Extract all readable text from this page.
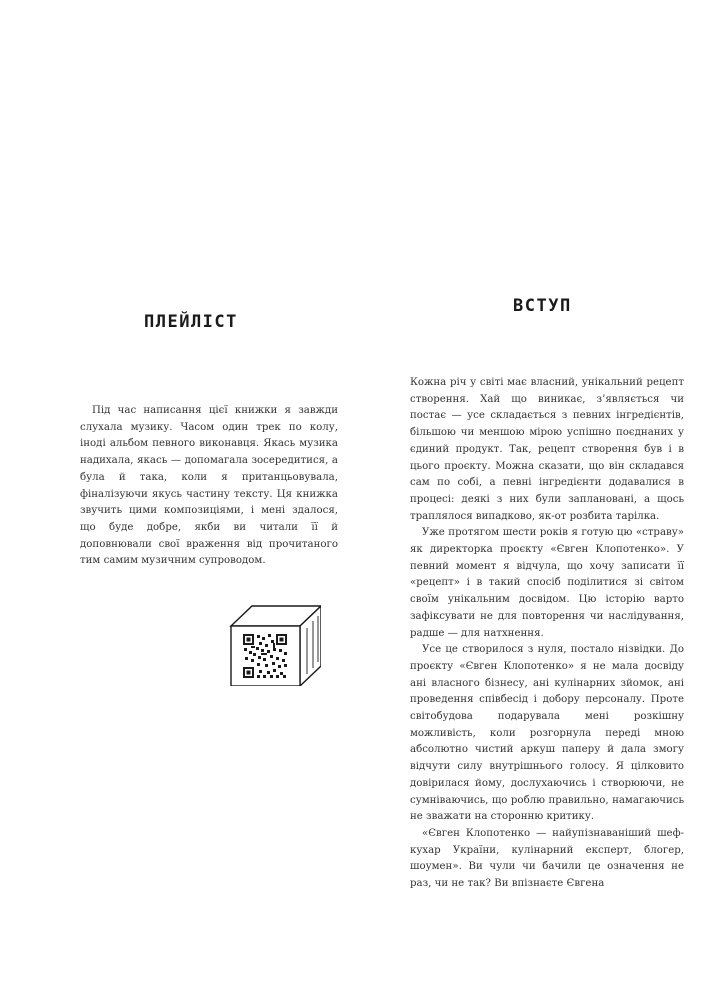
ПЛЕЙЛІСТ

Під час написання цієї книжки я завжди слухала музику. Часом один трек по колу, іноді альбом певного виконавця. Якась музика надихала, якась — допомагала зосередитися, а була й така, коли я пританцьовувала, фіналізуючи якусь частину тексту. Ця книжка звучить цими композиціями, і мені здалося, що буде добре, якби ви читали її й доповнювали свої враження від прочитаного тим самим музичним супроводом.

ВСТУП

Кожна річ у світі має власний, унікальний рецепт створення. Хай що виникає, з’являється чи постає — усе складається з певних інгредієнтів, більшою чи меншою мірою успішно поєднаних у єдиний продукт. Так, рецепт створення був і в цього проєкту. Можна сказати, що він складався сам по собі, а певні інгредієнти додавалися в процесі: деякі з них були заплановані, а щось траплялося випадково, як-от розбита тарілка.

Уже протягом шести років я готую цю «страву» як директорка проєкту «Євген Клопотенко». У певний момент я відчула, що хочу записати її «рецепт» і в такий спосіб поділитися зі світом своїм унікальним досвідом. Цю історію варто зафіксувати не для повторення чи наслідування, радше — для натхнення.

Усе це створилося з нуля, постало нізвідки. До проєкту «Євген Клопотенко» я не мала досвіду ані власного бізнесу, ані кулінарних зйомок, ані проведення співбесід і добору персоналу. Проте світобудова подарувала мені розкішну можливість, коли розгорнула переді мною абсолютно чистий аркуш паперу й дала змогу відчути силу внутрішнього голосу. Я цілковито довірилася йому, дослухаючись і створюючи, не сумніваючись, що роблю правильно, намагаючись не зважати на сторонню критику.

«Євген Клопотенко — найупізнаваніший шеф-кухар України, кулінарний експерт, блогер, шоумен». Ви чули чи бачили це означення не раз, чи не так? Ви впізнаєте Євгена
